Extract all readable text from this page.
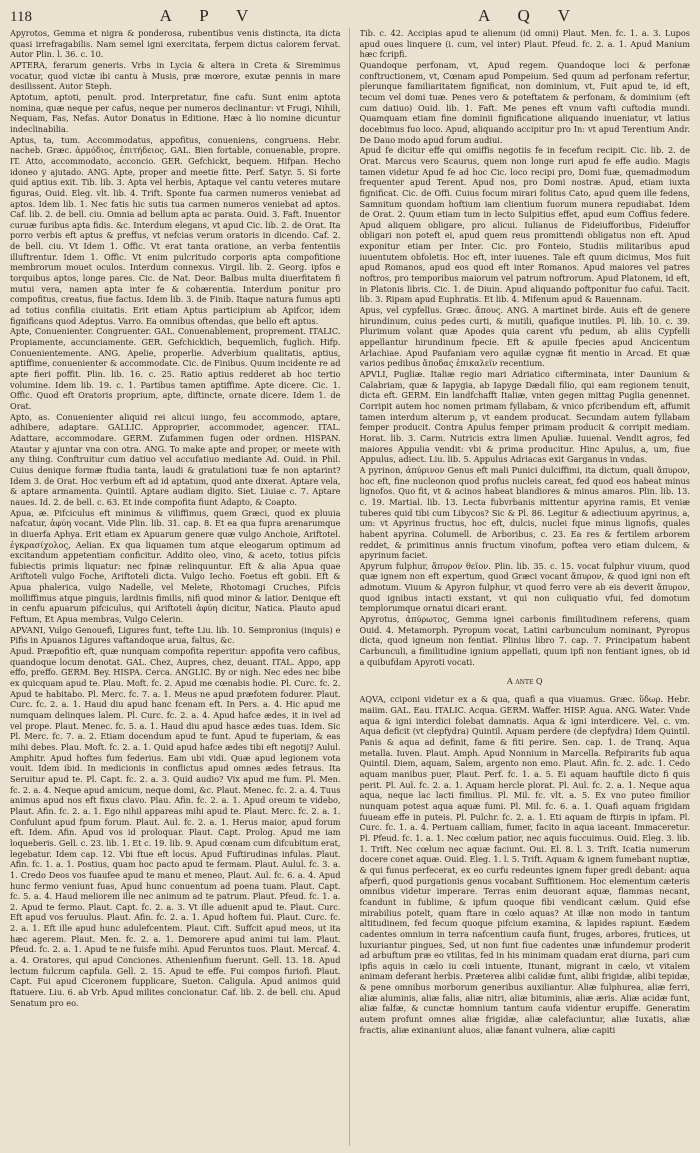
118	A P V	A Q V

Apyrotos, Gemma et nigra & ponderosa, rubentibus venis distincta, ita dicta quasi irrefragabilis. Nam semel igni exercitata, ferpem dictus calorem fervat. Autor Plin. l. 36. c. 10.

APTERA, ferarum generis. Vrbs in Lycia & altera in Creta & Siremimus vocatur, quod victæ ibi cantu à Musis, præ mœrore, exutæ pennis in mare desilissent. Autor Steph.

Aptotum, aptoti, penult. prod. Interpretatur, fine cafu. Sunt enim aptota nomina, quæ neque per cafus, neque per numeros declinantur: vt Frugi, Nihili, Nequam, Fas, Nefas. Autor Donatus in Editione. Hæc à lio nomine dicuntur indeclinabilia.

Aptus, ta, tum. Accommodatus, appofitus, conueniens, congruens. Hebr. nacheb. Græc. ἁρμόδιος, ἐπιτήδειος. GAL. Bien fortable, conuenable, propre. IT. Atto, accommodato, acconcio. GER. Gefchickt, bequem. Hifpan. Hecho idoneo y ajutado. ANG. Apte, proper and meetie fitte. Perf. Satyr. 5. Si forte quid aptius exit. Tib. lib. 3. Apta vel herbis, Aptaque vel cantu veteres mutare figuras, Ouid. Eleg. vlt. lib. 4. Trift. Sponte fua carmen numeros veniebat ad aptos. Idem lib. 1. Nec fatis hic sutis tua carmen numeros veniebat ad aptos. Caf. lib. 2. de bell. ciu. Omnia ad bellum apta ac parata. Ouid. 3. Faft. Inuentor curuæ furibus apta fidis. &c. Interdum elegans, vt apud Cic. lib. 2. de Orat. Ita porro verbis eft aptus & preffus, vt nefcias verum oratoris in dicendo. Caf. 2. de bell. ciu. Vt Idem 1. Offic. Vt erat tanta oratione, an verba fententiis illuftrentur. Idem 1. Offic. Vt enim pulcritudo corporis apta compofitione membrorum mouet oculos. Interdum connexus. Virgil. lib. 2. Georg. ipfos e torquibus aptos, longe pares. Cic. de Nat. Deor. Balbus multa diuerfitatem fi mutui vera, namen apta inter fe & cohærentia. Interdum ponitur pro compofitus, creatus, fiue factus. Idem lib. 3. de Finib. Itaque natura fumus apti ad totius confilia ciuitatis. Erit etiam Aptus participium ab Apifcor, idem fignificans quod Adeptus. Varro. Ea omnibus oftendas, que bello eft aptus.

Apte, Conuenienter. Congruenter. GAL. Conuenablement, proprement. ITALIC. Propiamente, accunciamente. GER. Gefchicklich, bequemlich, fuglich. Hifp. Conuenientemente. ANG. Apelie, properlie. Adverbium qualitatis, aptius, aptiffime, conuenienter & accommodate. Cic. de Finibus. Quum incidente re ad apte fieri poffit. Plin. lib. 16. c. 25. Ratio aptius redderet ab hoc tertio volumine. Idem lib. 19. c. 1. Partibus tamen aptiffime. Apte dicere. Cic. 1. Offic. Quod eft Oratoris proprium, apte, diftincte, ornate dicere. Idem 1. de Orat.

Apto, as. Conuenienter aliquid rei alicui iungo, feu accommodo, aptare, adhibere, adaptare. GALLIC. Approprier, accommoder, agencer. ITAL. Adattare, accommodare. GERM. Zufammen fugen oder ordnen. HISPAN. Atautar y ajuntar vna con otra. ANG. To make apte and proper, or meete with any thing. Conftruitur cum datiuo vel accufatiuo mediante Ad. Ouid. in Phil. Cuius denique formæ ftudia tanta, laudi & gratulationi tuæ fe non aptarint? Idem 3. de Orat. Hoc verbum eft ad id aptatum, quod ante dixerat. Aptare vela, & aptare armamenta. Quintil. Aptare audiam digito. Siet. Liuiae c. 7. Aptare naues. Id. 2. de bell. c. 63. Et inde compofita fiunt Adapto, & Coapto.

Apua, æ. Pifciculus eft minimus & viliffimus, quem Græci, quod ex pluuia nafcatur, ἀφύη vocant. Vide Plin. lib. 31. cap. 8. Et ea qua fupra arenarumque in diuerfa Aphya. Erit etiam ex Apuarum genere quæ vulgo Anchoie, Ariftotel. ἐγκρασίχολος, Aelian. Ex qua liquamen tum atque eleogarum optimum ad excitandum appetentiam conficitur. Addito oleo, vino, & aceto, totius pifcis fubiectis primis liquatur: nec fpinæ relinquuntur. Eft & alia Apua quae Ariftoteli vulgo Foche, Ariftoteli dicta. Vulgo Iecho. Foetus eft gobii. Eft & Apua phalerica, vulgo Nadelle, vel Melete, Rhotomagi Cruches, Pifcis molliffimus atque pinguis, lardinis fimilis, nifi quod minor & latior. Denique eft in cenfu apuarum pifciculus, qui Ariftoteli ἀφύη dicitur, Natica. Plauto apud Feftum, Et Apua membras, Vulgo Celerin.

APVANI, Vulgo Genouefi, Ligures funt, tefte Liu. lib. 10. Sempronius (inquis) e Pifis in Apuanos Ligures vaftandoque arua, faltus, &c.

Apud. Præpofitio eft, quæ nunquam compofita reperitur: appofita vero cafibus, quandoque locum denotat. GAL. Chez, Aupres, chez, deuant. ITAL. Appo, app effo, preffo. GERM. Bey. HISPA. Cerca. ANGLIC. By or nigh. Nec edes nec bibe ex quicquam apud te. Plau. Moft. fc. 2. Apud me cœnabis hodie. Pl. Curc. fc. 2. Apud te habitabo. Pl. Merc. fc. 7. a. 1. Meus ne apud præfotem fodurer. Plaut. Curc. fc. 2. a. 1. Haud diu apud hanc fcenam eft. In Pers. a. 4. Hic apud me numquam delinques lalem. Pl. Curc. fc. 2. a. 4. Apud hafce ædes, it in ivel ad vel prope. Plaut. Menec. fc. 5. a. 1. Haud diu apud hasce ædes tuas. Idem. Sic Pl. Merc. fc. 7. a. 2. Etiam docendum apud te funt. Apud te fuperiam, & eas mihi debes. Plau. Moft. fc. 2. a. 1. Quid apud hafce ædes tibi eft negotij? Aulul. Amphitr. Apud hoftes fum federius. Eam ubi vidi. Quæ apud legionem vota vouit. Idem ibid. In medicionis in conflictus apud omnes ædes fetraus. Ita Seruitur apud te. Pl. Capt. fc. 2. a. 3. Quid audio? Vix apud me fum. Pl. Men. fc. 2. a. 4. Neque apud amicum, neque domi, &c. Plaut. Menec. fc. 2. a. 4. Tuus animus apud nos eft fixus clavo. Plau. Afin. fc. 2. a. 1. Apud oreum te videbo, Plaut. Afin. fc. 2. a. 1. Ego nihil appareas mihi apud te. Plaut. Merc. fc. 2. a. 1. Confulunt apud fpum forum. Plaut. Aul. fc. 2. a. 1. Herus maior, apud forum eft. Idem. Afin. Apud vos id proloquar. Plaut. Capt. Prolog. Apud me iam loqueberis. Gell. c. 23. lib. 1. Et c. 19. lib. 9. Apud cœnam cum difcubitum erat, legebatur. Idem cap. 12. Vbi ftue eft locus. Apud Fuftirudinas infulas. Plaut. Afin. fc. 1. a. 1. Postius, quam hoc pacto apud te fermam. Plaut. Aulul. fc. 3. a. 1. Credo Deos vos fuaufee apud te manu et meneo, Plaut. Aul. fc. 6. a. 4. Apud hunc fermo veniunt fuas, Apud hunc conuentum ad poena tuam. Plaut. Capt. fc. 5. a. 4. Haud meliorem ille nec animum ad te patrum. Plaut. Pfeud. fc. 1. a. 2. Apud te fermo. Plaut. Capt. fc. 2. a. 3. Vt ille aduenit apud te. Plaut. Curc. Eft apud vos feruulus. Plaut. Afin. fc. 2. a. 1. Apud hoftem fui. Plaut. Curc. fc. 2. a. 1. Eft ille apud hunc adulefcentem. Plaut. Cift. Suffcit apud meos, ut ita hæc agerem. Plaut. Men. fc. 2. a. 1. Demorere apud animi tui lam. Plaut. Pfeud. fc. 2. a. 1. Apud te ne fuisfe mihi. Apud Feruntos tuos. Plaut. Mercaf. 4. a. 4. Oratores, qui apud Conciones. Athenienfium fuerunt. Gell. 13. 18. Apud lectum fulcrum capfula. Gell. 2. 15. Apud te effe. Fui compos furiofi. Plaut. Capt. Fui apud Ciceronem fupplicare, Sueton. Caligula. Apud animos quid ftatuere. Liu. 6. ab Vrb. Apud milites concionatur. Caf. lib. 2. de bell. ciu. Apud Senatum pro eo.

Tib. c. 42. Accipias apud te alienum (id omni) Plaut. Men. fc. 1. a. 3. Lupos apud oues linquere (i. cum, vel inter) Plaut. Pfeud. fc. 2. a. 1. Apud Manium hæc fcripfi.

Quandoque perfonam, vt, Apud regem. Quandoque loci & perfonæ conftructionem, vt, Cœnam apud Pompeium. Sed quum ad perfonam refertur, plerunque familiaritatem fignificat, non dominium, vt, Fuit apud te, id eft, tecum vel domi tuæ. Penes vero & poteftatem & perfonam, & dominium (eft cum datiuo) Ouid. lib. 1. Faft. Me penes eft vnum vafti cuftodia mundi. Quamquam etiam fine dominii fignificatione aliquando inueniatur, vt latius docebimus fuo loco. Apud, aliquando accipitur pro In: vt apud Terentium Andr. De Dauo modo apud forum audiui.

Apud fe dicitur effe qui omiffis negotiis fe in fecefum recipit. Cic. lib. 2. de Orat. Marcus vero Scaurus, quem non longe ruri apud fe effe audio. Magis tamen videtur Apud fe ad hoc Cic. loco recipi pro, Domi fuæ, quemadmodum frequenter apud Terent. Apud nos, pro Domi nostræ. Apud, etiam iuxta fignificat. Cic. de Offi. Cuius focum mirari folitus Cato, apud quem ille fedens, Samnitum quondam hoftium iam clientium fuorum munera repudiabat. Idem de Orat. 2. Quum etiam tum in lecto Sulpitius effet, apud eum Coffius federe. Apud aliquem obligare, pro alicui. Iulianus de Fideiufforibus, Fideiuffor obligari non poteft ei, apud quem reus promittendi obligatus non eft. Apud exponitur etiam per Inter. Cic. pro Fonteio, Studiis militaribus apud iuuentutem obfoletis. Hoc eft, inter iuuenes. Tale eft quum dicimus, Mos fuit apud Romanos, apud eos quod eft inter Romanos. Apud maiores vel patres noftros, pro temporibus maiorum vel patrum noftrorum. Apud Platonem, id eft, in Platonis libris. Cic. 1. de Diuin. Apud aliquando poftponitur fuo cafui. Tacit. lib. 3. Ripam apud Euphratis. Et lib. 4. Mifenum apud & Rauennam.

Apus, vel cypfellus. Græc. ἄπους. ANG. A martinet birde. Auis eft de genere hirundinum, cuius pedes curti, & mutili, quafique inutiles. Pl. lib. 10. c. 39. Plurimum volant quæ Apodes quia carent vfu pedum, ab aliis Cypfelli appellantur hirundinum fpecie. Eft & apuile fpecies apud Ancicentum Arlachiae. Apud Paufaniam vero aquilæ cygnæ fit mentio in Arcad. Et quæ varios pedibus ἄποδας ἐπικαλεῖν recentium.

APVLI, Pugliæ. Italiæ regio mari Adriatico cifterminata, inter Daunium & Calabriam, quæ & Iapygia, ab Iapyge Dædali filio, qui eam regionem tenuit, dicta eft. GERM. Ein landfchafft Italiæ, vnten gegen mittag Puglia genennet. Corripit autem hoc nomen primam fyllabam, & vnico pfcribendum eft, affumit tamen interdum alterum p, vt eandem producat. Secundam autem fyllabam femper producit. Contra Apulus femper primam producit & corripit mediam. Horat. lib. 3. Carm. Nutricis extra limen Apuliæ. Iuuenal. Vendit agros, fed maiores Appulia vendit: vbi & prima producitur. Hinc Apulus, a, um, fiue Appulus, adiect. Liu. lib. 5. Appulus Adriacas exit Garganus in vndas.

A pyrinon, ἀπύρινον Genus eft mali Punici dulciffimi, ita dictum, quali ἄπυρον, hoc eft, fine nucleonon quod profus nucleis careat, fed quod eos habeat minus lignofos. Quo fit, vt & acinos habeat blandiores & minus amaros. Plin. lib. 13. c. 19. Martial. lib. 13. Lecta fubvrbanis mittentur apyrina ramis, Et veniæ tuberes quid tibi cum Libycos? Sic & Pl. 86. Legitur & adiectiuum apyrinus, a, um: vt Apyrinus fructus, hoc eft, dulcis, nuclei fque minus lignofis, quales habent apyrina. Columell. de Arboribus, c. 23. Ea res & fertilem arborem reddet, & primitinus annis fructum vinofum, poftea vero etiam dulcem, & apyrinum faciet.

Apyrum fulphur, ἄπυρον θεῖον. Plin. lib. 35. c. 15. vocat fulphur viuum, quod quæ ignem non eft expertum, quod Græci vocant ἄπυρον, & quod igni non eft admotum. Viuum & Apyron fulphur, vt quod ferro vere ab eis deverit ἄπυρον, quod ignibus intacti exstant, vt qui non culiquatio vfui, fed domotum templorumque ornatui dicari erant.

Apyrotus, ἀπύρωτος, Gemma ignei carbonis fimilitudinem referens, quam Ouid. 4. Metamorph. Pyropum vocat, Latini carbunculum nominant, Pyropus dicta, quod igneum non fentiat. Plinius libro 7. cap. 7. Principatum habent Carbunculi, a fimilitudine ignium appellati, quum ipfi non fentiant ignes, ob id a quibufdam Apyroti vocati.

A ante Q

AQVA, cciponi videtur ex a & qua, quafi a qua viuamus. Græc. ὕδωρ. Hebr. maiim. GAL. Eau. ITALIC. Acqua. GERM. Waffer. HISP. Agua. ANG. Water. Vnde aqua & igni interdici folebat damnatis. Aqua & igni interdicere. Vel. c. vm. Aqua deficit (vt clepfydra) Quintil. Aquam perdere (de clepfydra) Idem Quintil. Panis & aqua ad definit, fame & fiti perire. Sen. cap. 1. de Tranq. Aqua metalla. Iuven. Plaut. Amph. Apud Nonnium in Marcella. Refpirarits fub aqua Quintil. Diem, aquam, Salem, argento non emo. Plaut. Afin. fc. 2. adc. 1. Cedo aquam manibus puer, Plaut. Perf. fc. 1. a. 5. Ei aquam hauftile dicto fi quis perit. Pl. Aul. fc. 2. a. 1. Aquam hercle plorat. Pl. Aul. fc. 2. a. 1. Neque aqua aqua, neque lac lacti fimilius. Pl. Mil. fc. vlt. a. 5. Ex vno puteo fimilior nunquam potest aqua aquæ fumi. Pl. Mil. fc. 6. a. 1. Quafi aquam frigidam fuueam effe in puteis. Pl. Pulchr. fc. 2. a. 1. Eti aquam de ftirpis in ipfam. Pl. Curc. fc. 1. a. 4. Pertuam calliam, fumer, facito in aqua iaceant. Immaceretur. Pl. Pfeud. fc. 1. a. 1. Nec cœlum patior, nec aquis fuccuimus. Ouid. Eleg. 3. lib. 1. Trift. Nec cœlum nec aquæ faciunt. Oui. El. 8. l. 3. Trift. Icatia numerum docere conet aquæ. Ouid. Eleg. 1. l. 5. Trift. Aquam & ignem fumebant nuptiæ, & qui funus perfecerat, ex eo curfu redeuntes ignem fuper gredi debant: aqua afperfi, quod purgationis genus vocabant Suffitionem. Hoc elementum cæteris omnibus videtur imperare. Terras enim deuorant aquæ, flammas necant, fcandunt in fublime, & ipfum quoque fibi vendicant cælum. Quid efse mirabilius potelt, quam ftare in cœlo aquas? At illæ non modo in tantum altitudinem, fed fecum quoque pifcium examina, & lapides rapiunt. Eædem cadentes omnium in terra nafcentium caufa fiunt, fruges, arbores, frutices, ut luxuriantur pingues, Sed, ut non funt fiue cadentes unæ infundemur proderit ad arbuftum præ eo vtilitas, fed in his minimam quadam erat diurna, pari cum ipfis aquis in cælo iu cœli intuente, Itunant, migrant in cælo, vt vitalem animam deferant herbis. Præterea alibi calidæ funt, alibi frigidæ, alibi tepidæ, & pene omnibus morborum generibus auxiliantur. Aliæ fulphurea, aliæ ferri, aliæ aluminis, aliæ falis, aliæ nitri, aliæ bituminis, aliæ æris. Aliæ acidæ funt, aliæ falfæ, & cunctæ homnium tantum caufa videntur erupiffe. Generatim autem profunt omnes aliæ frigidæ, aliæ calefaciuntur, aliæ Iuxatis, aliæ fractis, aliæ exinaniunt aluos, aliæ fanant vulnera, aliæ capiti
